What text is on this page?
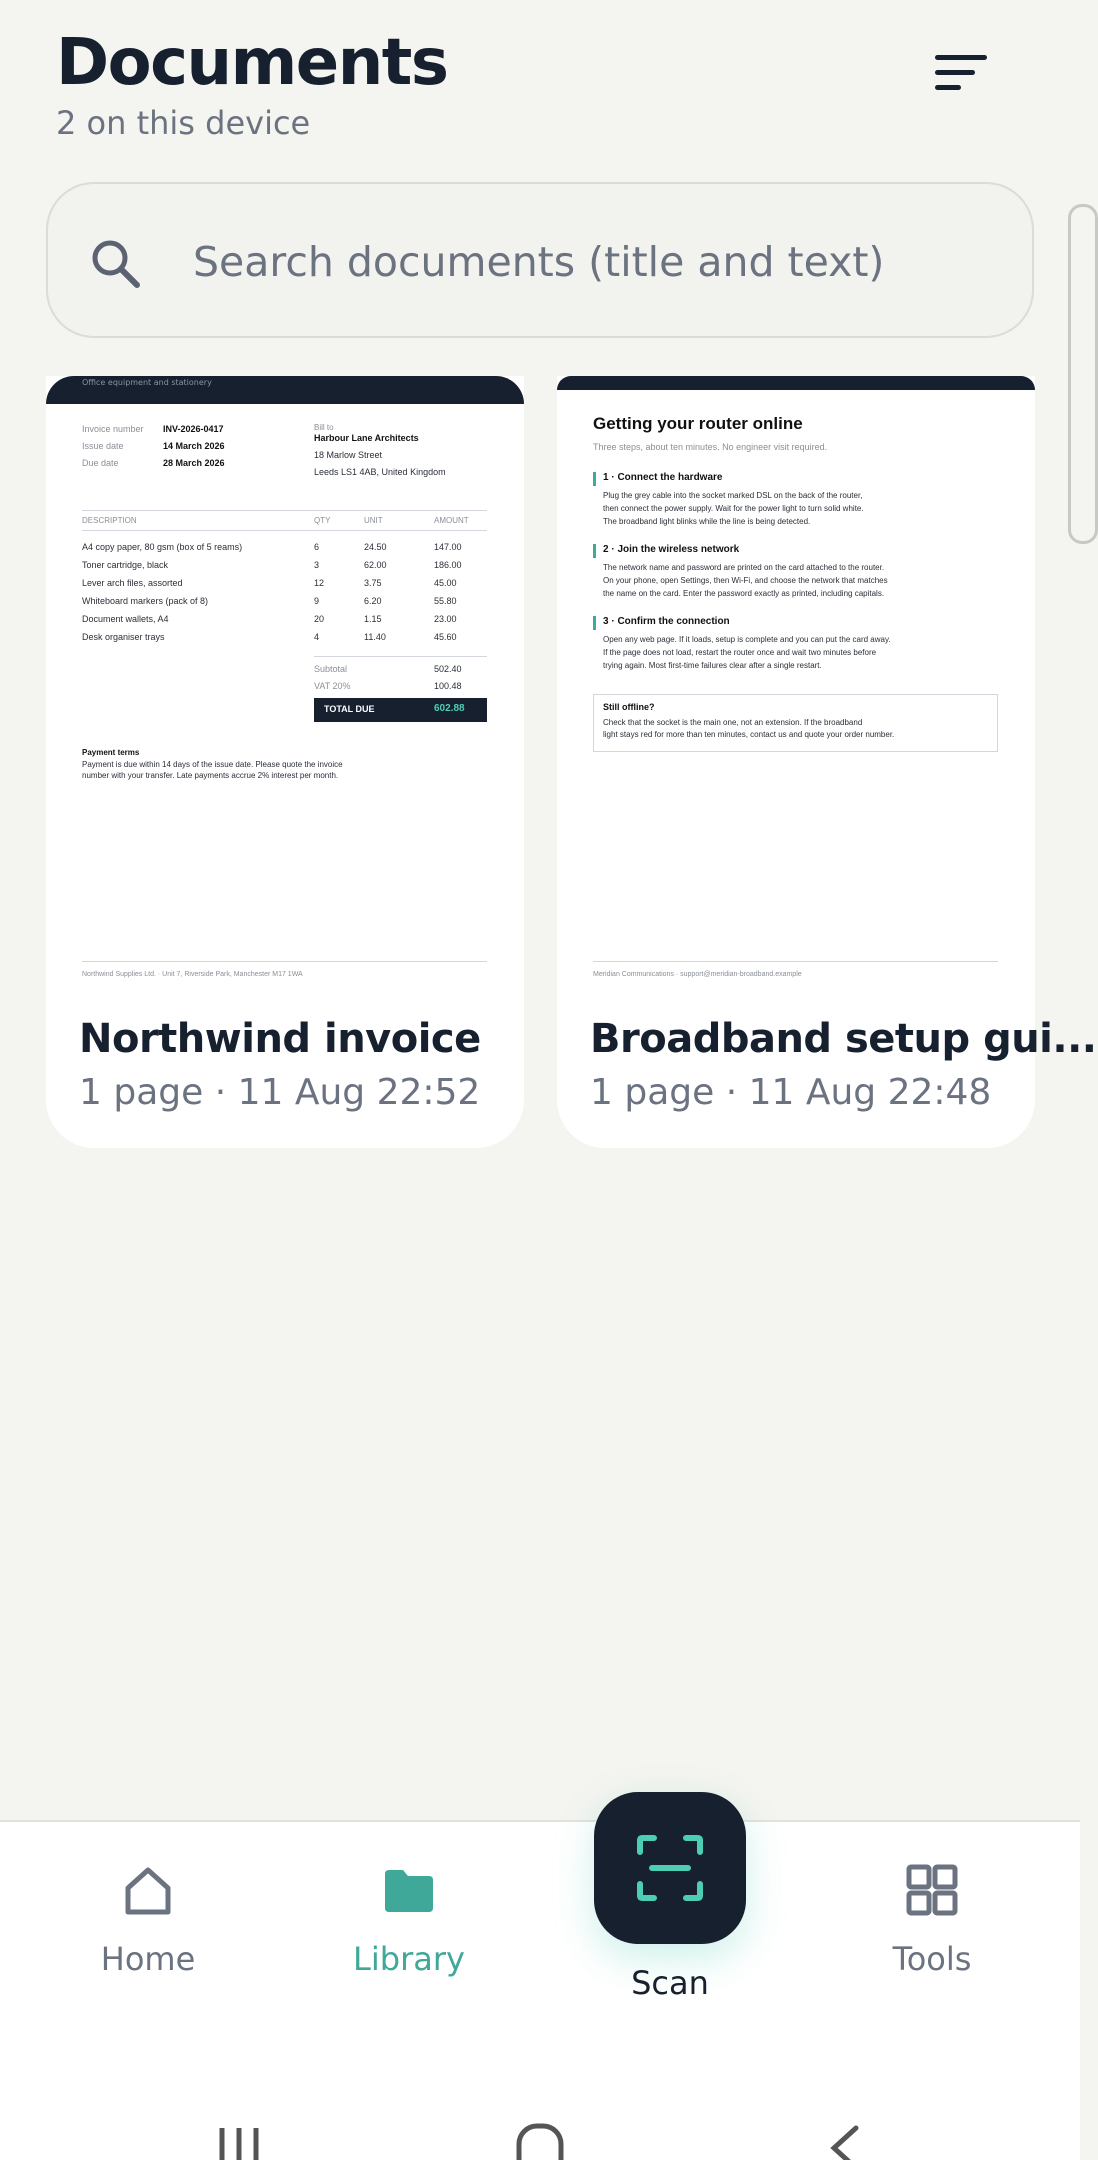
Documents
2 on this device
Search documents (title and text)
Office equipment and stationery
Invoice number INV-2026-0417
Issue date	14 March 2026
Due date	28 March 2026
Bill to
Harbour Lane Architects
18 Marlow Street
Leeds LS1 4AB, United Kingdom
DESCRIPTION	QTY	UNIT	AMOUNT
A4 copy paper, 80 gsm (box of 5 reams)	6	24.50	147.00
Toner cartridge, black	3	62.00	186.00
Lever arch files, assorted	12	3.75	45.00
Whiteboard markers (pack of 8)	9	6.20	55.80
Document wallets, A4	20	1.15	23.00
Desk organiser trays	4	11.40	45.60
Subtotal	502.40
VAT 20%	100.48
TOTAL DUE	602.88
Payment terms
Payment is due within 14 days of the issue date. Please quote the invoice
number with your transfer. Late payments accrue 2% interest per month.
Northwind Supplies Ltd. · Unit 7, Riverside Park, Manchester M17 1WA
Northwind invoice
1 page · 11 Aug 22:52
Getting your router online
Three steps, about ten minutes. No engineer visit required.
1 · Connect the hardware
Plug the grey cable into the socket marked DSL on the back of the router,
then connect the power supply. Wait for the power light to turn solid white.
The broadband light blinks while the line is being detected.
2 · Join the wireless network
The network name and password are printed on the card attached to the router.
On your phone, open Settings, then Wi-Fi, and choose the network that matches
the name on the card. Enter the password exactly as printed, including capitals.
3 · Confirm the connection
Open any web page. If it loads, setup is complete and you can put the card away.
If the page does not load, restart the router once and wait two minutes before
trying again. Most first-time failures clear after a single restart.
Still offline?
Check that the socket is the main one, not an extension. If the broadband
light stays red for more than ten minutes, contact us and quote your order number.
Meridian Communications · support@meridian-broadband.example
Broadband setup gui...
1 page · 11 Aug 22:48
Home	Library	Tools
Scan
